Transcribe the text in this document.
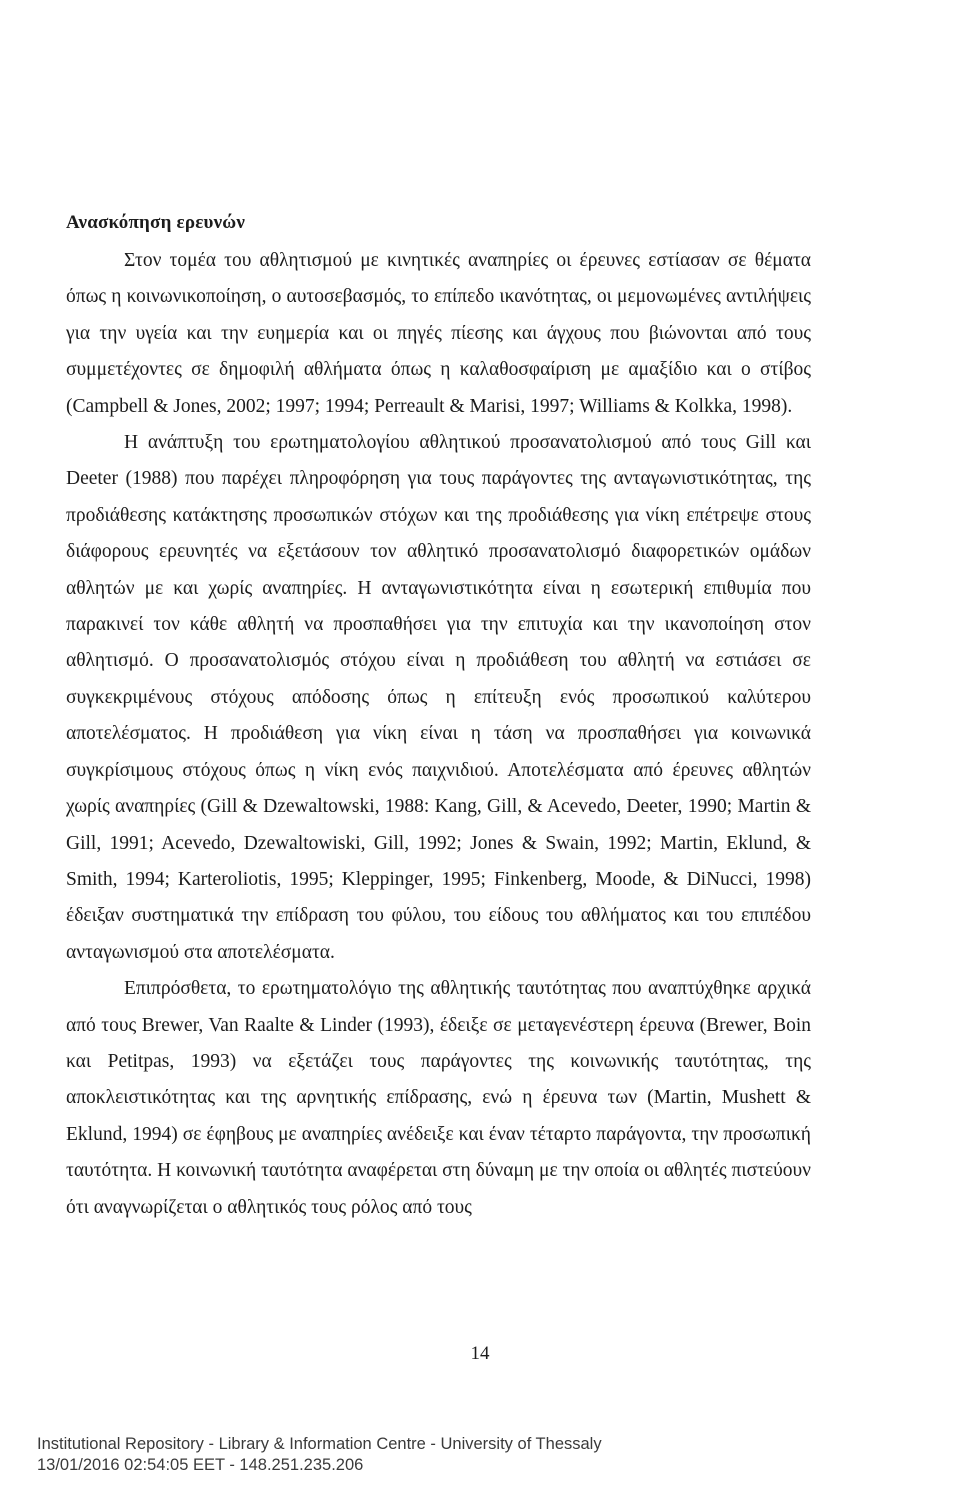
Ανασκόπηση ερευνών

Στον τομέα του αθλητισμού με κινητικές αναπηρίες οι έρευνες εστίασαν σε θέματα όπως η κοινωνικοποίηση, ο αυτοσεβασμός, το επίπεδο ικανότητας, οι μεμονωμένες αντιλήψεις για την υγεία και την ευημερία και οι πηγές πίεσης και άγχους που βιώνονται από τους συμμετέχοντες σε δημοφιλή αθλήματα όπως η καλαθοσφαίριση με αμαξίδιο και ο στίβος (Campbell & Jones, 2002; 1997; 1994; Perreault & Marisi, 1997; Williams & Kolkka, 1998).

Η ανάπτυξη του ερωτηματολογίου αθλητικού προσανατολισμού από τους Gill και Deeter (1988) που παρέχει πληροφόρηση για τους παράγοντες της ανταγωνιστικότητας, της προδιάθεσης κατάκτησης προσωπικών στόχων και της προδιάθεσης για νίκη επέτρεψε στους διάφορους ερευνητές να εξετάσουν τον αθλητικό προσανατολισμό διαφορετικών ομάδων αθλητών με και χωρίς αναπηρίες. Η ανταγωνιστικότητα είναι η εσωτερική επιθυμία που παρακινεί τον κάθε αθλητή να προσπαθήσει για την επιτυχία και την ικανοποίηση στον αθλητισμό. Ο προσανατολισμός στόχου είναι η προδιάθεση του αθλητή να εστιάσει σε συγκεκριμένους στόχους απόδοσης όπως η επίτευξη ενός προσωπικού καλύτερου αποτελέσματος. Η προδιάθεση για νίκη είναι η τάση να προσπαθήσει για κοινωνικά συγκρίσιμους στόχους όπως η νίκη ενός παιχνιδιού. Αποτελέσματα από έρευνες αθλητών χωρίς αναπηρίες (Gill & Dzewaltowski, 1988: Kang, Gill, & Acevedo, Deeter, 1990; Martin & Gill, 1991; Acevedo, Dzewaltowiski, Gill, 1992; Jones & Swain, 1992; Martin, Eklund, & Smith, 1994; Karteroliotis, 1995; Kleppinger, 1995; Finkenberg, Moode, & DiNucci, 1998) έδειξαν συστηματικά την επίδραση του φύλου, του είδους του αθλήματος και του επιπέδου ανταγωνισμού στα αποτελέσματα.

Επιπρόσθετα, το ερωτηματολόγιο της αθλητικής ταυτότητας που αναπτύχθηκε αρχικά από τους Brewer, Van Raalte & Linder (1993), έδειξε σε μεταγενέστερη έρευνα (Brewer, Boin και Petitpas, 1993) να εξετάζει τους παράγοντες της κοινωνικής ταυτότητας, της αποκλειστικότητας και της αρνητικής επίδρασης, ενώ η έρευνα των (Martin, Mushett & Eklund, 1994) σε έφηβους με αναπηρίες ανέδειξε και έναν τέταρτο παράγοντα, την προσωπική ταυτότητα. Η κοινωνική ταυτότητα αναφέρεται στη δύναμη με την οποία οι αθλητές πιστεύουν ότι αναγνωρίζεται ο αθλητικός τους ρόλος από τους

14
Institutional Repository - Library & Information Centre - University of Thessaly
13/01/2016 02:54:05 EET - 148.251.235.206
